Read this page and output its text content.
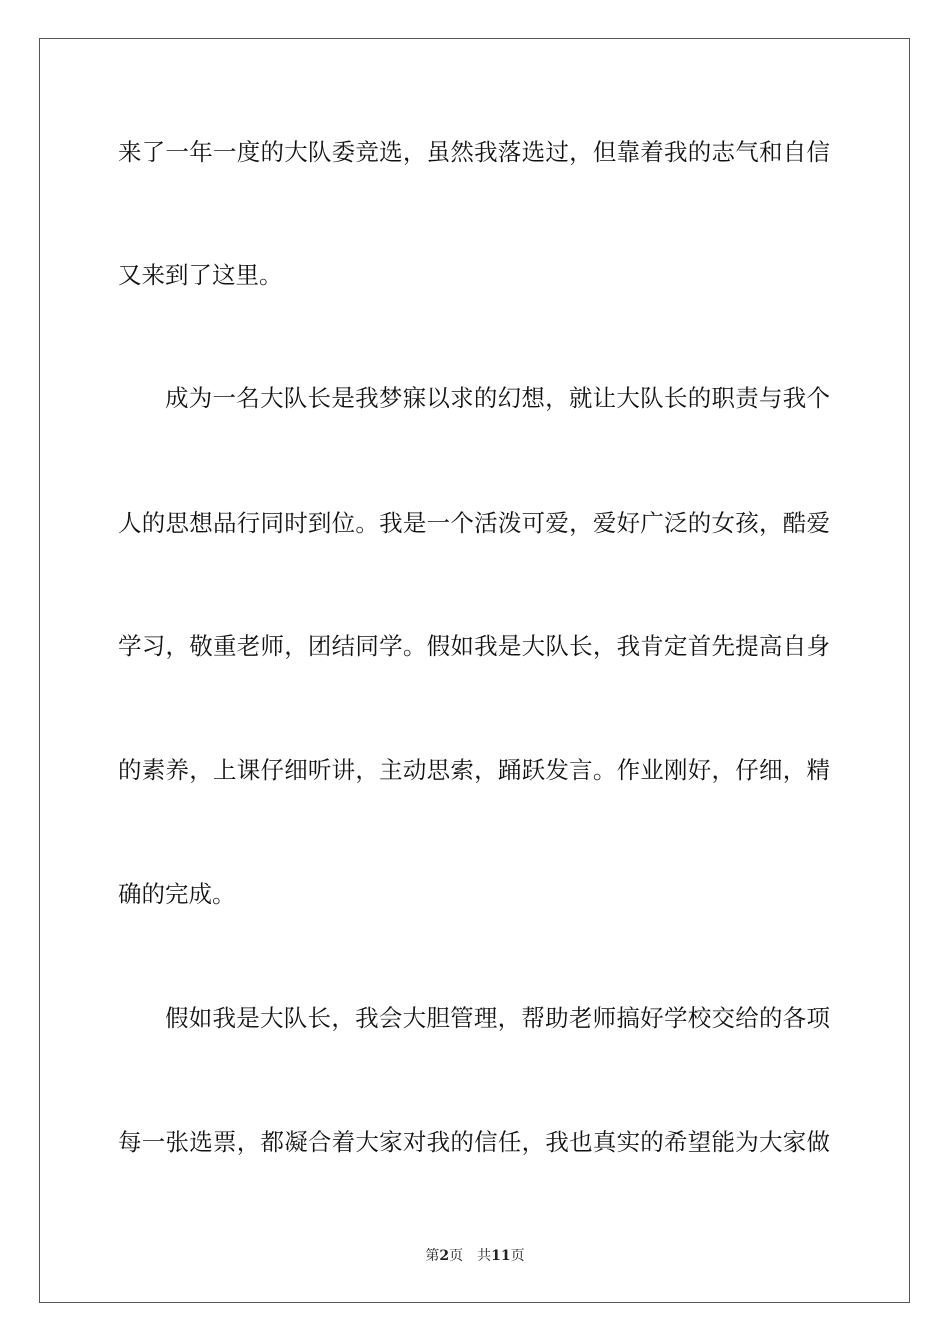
来了一年一度的大队委竞选，虽然我落选过，但靠着我的志气和自信
又来到了这里。
成为一名大队长是我梦寐以求的幻想，就让大队长的职责与我个
人的思想品行同时到位。我是一个活泼可爱，爱好广泛的女孩，酷爱
学习，敬重老师，团结同学。假如我是大队长，我肯定首先提高自身
的素养，上课仔细听讲，主动思索，踊跃发言。作业刚好，仔细，精
确的完成。
假如我是大队长，我会大胆管理，帮助老师搞好学校交给的各项
每一张选票，都凝合着大家对我的信任，我也真实的希望能为大家做
第2页 共11页
